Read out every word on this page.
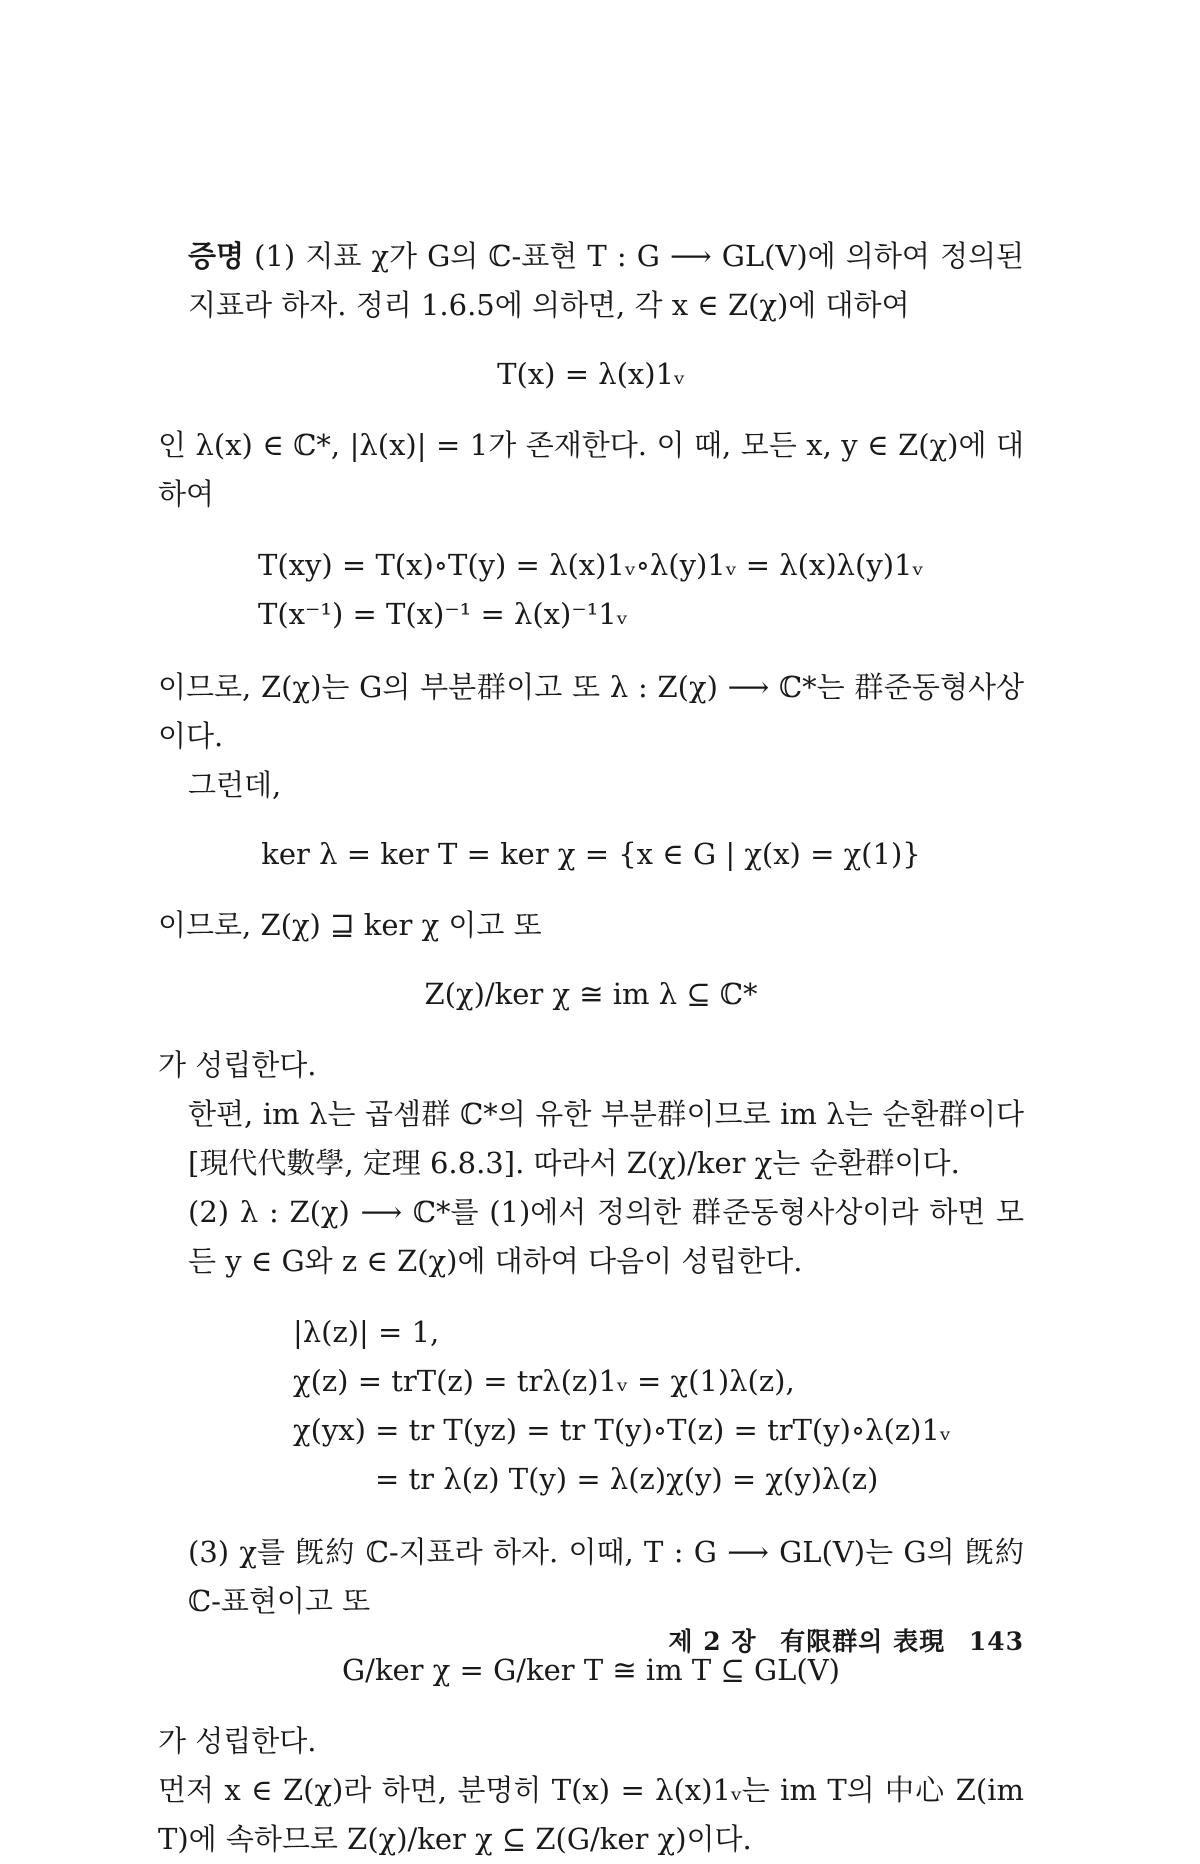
증명 (1) 지표 χ가 G의 ℂ-표현 T : G ⟶ GL(V)에 의하여 정의된 지표라 하자. 정리 1.6.5에 의하면, 각 x ∈ Z(χ)에 대하여

T(x) = λ(x)1ᵥ

인 λ(x) ∈ ℂ*, |λ(x)| = 1가 존재한다. 이 때, 모든 x, y ∈ Z(χ)에 대하여

T(xy) = T(x)∘T(y) = λ(x)1ᵥ∘λ(y)1ᵥ = λ(x)λ(y)1ᵥ
T(x⁻¹) = T(x)⁻¹ = λ(x)⁻¹1ᵥ

이므로, Z(χ)는 G의 부분群이고 또 λ : Z(χ) ⟶ ℂ*는 群준동형사상이다.

그런데,

ker λ = ker T = ker χ = {x ∈ G | χ(x) = χ(1)}

이므로, Z(χ) ⊒ ker χ 이고 또

Z(χ)/ker χ ≅ im λ ⊆ ℂ*

가 성립한다.

한편, im λ는 곱셈群 ℂ*의 유한 부분群이므로 im λ는 순환群이다 [現代代數學, 定理 6.8.3]. 따라서 Z(χ)/ker χ는 순환群이다.

(2) λ : Z(χ) ⟶ ℂ*를 (1)에서 정의한 群준동형사상이라 하면 모든 y ∈ G와 z ∈ Z(χ)에 대하여 다음이 성립한다.

|λ(z)| = 1,
χ(z) = trT(z) = trλ(z)1ᵥ = χ(1)λ(z),
χ(yx) = tr T(yz) = tr T(y)∘T(z) = trT(y)∘λ(z)1ᵥ
= tr λ(z) T(y) = λ(z)χ(y) = χ(y)λ(z)

(3) χ를 旣約 ℂ-지표라 하자. 이때, T : G ⟶ GL(V)는 G의 旣約 ℂ-표현이고 또

G/ker χ = G/ker T ≅ im T ⊆ GL(V)

가 성립한다.

먼저 x ∈ Z(χ)라 하면, 분명히 T(x) = λ(x)1ᵥ는 im T의 中心 Z(im T)에 속하므로 Z(χ)/ker χ ⊆ Z(G/ker χ)이다.

제 2 장 有限群의 表現 143
